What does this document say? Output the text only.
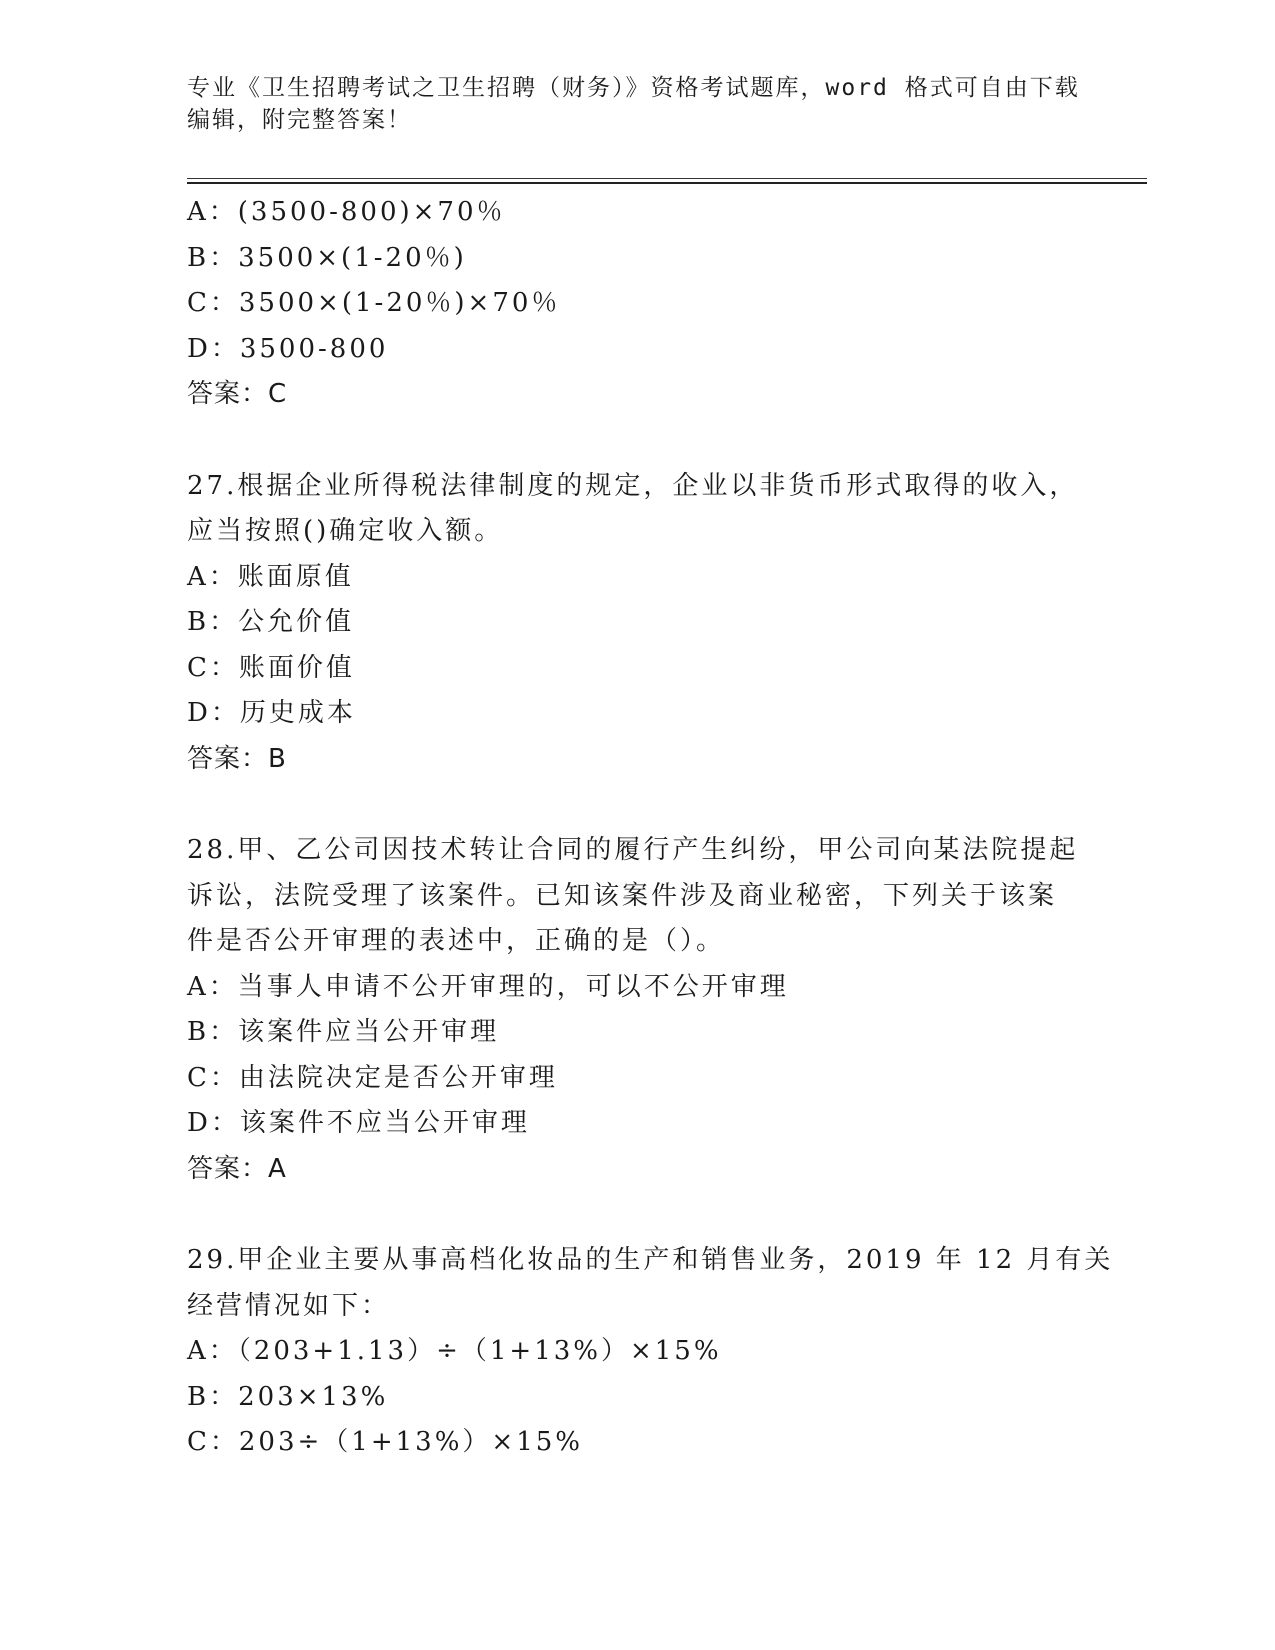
专业《卫生招聘考试之卫生招聘（财务）》资格考试题库，word 格式可自由下载
编辑，附完整答案！
A：(3500-800)×70％
B：3500×(1-20％)
C：3500×(1-20％)×70％
D：3500-800
答案：C
27.根据企业所得税法律制度的规定，企业以非货币形式取得的收入，
应当按照()确定收入额。
A：账面原值
B：公允价值
C：账面价值
D：历史成本
答案：B
28.甲、乙公司因技术转让合同的履行产生纠纷，甲公司向某法院提起
诉讼，法院受理了该案件。已知该案件涉及商业秘密，下列关于该案
件是否公开审理的表述中，正确的是（）。
A：当事人申请不公开审理的，可以不公开审理
B：该案件应当公开审理
C：由法院决定是否公开审理
D：该案件不应当公开审理
答案：A
29.甲企业主要从事高档化妆品的生产和销售业务，2019 年 12 月有关
经营情况如下：
A：（203+1.13）÷（1+13%）×15%
B：203×13%
C：203÷（1+13%）×15%
